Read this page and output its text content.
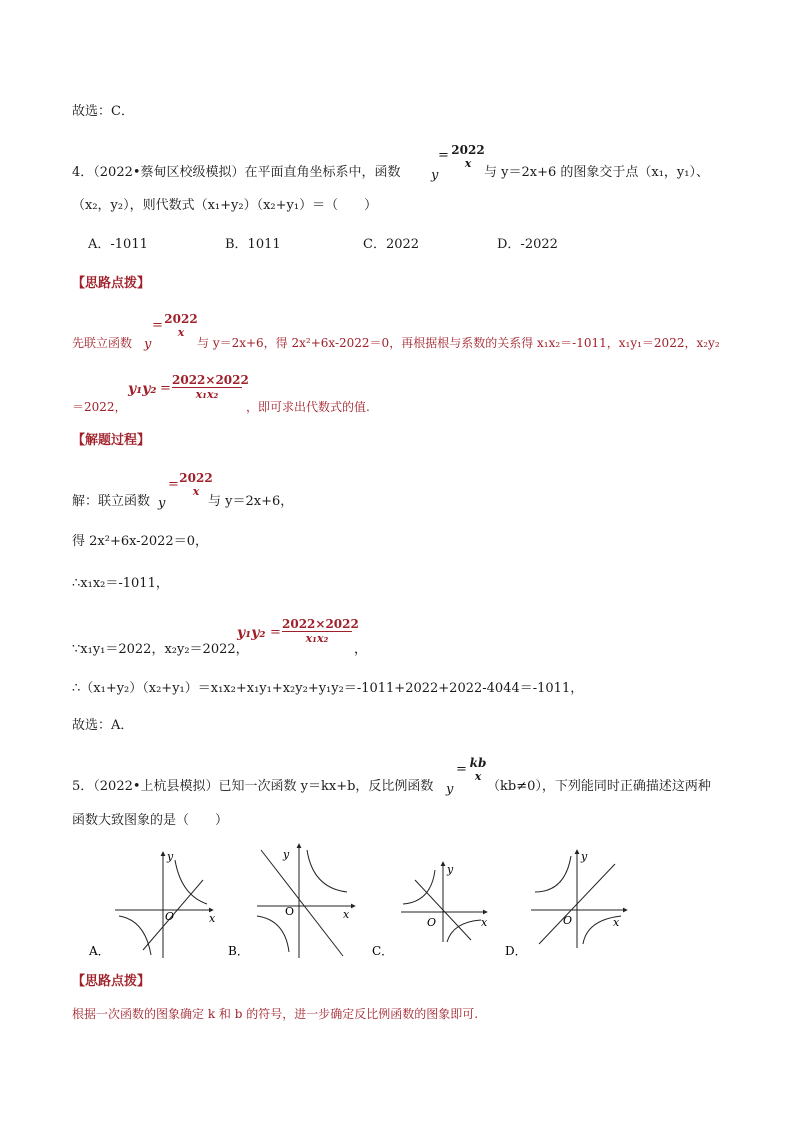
故选：C．
4．（2022•蔡甸区校级模拟）在平面直角坐标系中，函数
2022
x
=
y	与 y＝2x+6 的图象交于点（x₁，y₁）、
（x₂，y₂），则代数式（x₁+y₂）（x₂+y₁）＝（　　）
A．-1011	B．1011	C．2022	D．-2022
【思路点拨】
先联立函数
= 2022
x
y	与 y＝2x+6，得 2x²+6x-2022＝0，再根据根与系数的关系得 x₁x₂＝-1011，x₁y₁＝2022，x₂y₂
＝2022，
$y_1y_2 = \frac{2022\times 2022}{\text{x₁x₂}}$
，即可求出代数式的值.
【解题过程】
解：联立函数
= 2022
x
y	与 y＝2x+6，
得 2x²+6x-2022＝0，
∴x₁x₂＝-1011，
∵x₁y₁＝2022，x₂y₂＝2022，
$y_1y_2 = \frac{2022\times 2022}{\text{x₁x₂}}$
，
∴（x₁+y₂）（x₂+y₁）＝x₁x₂+x₁y₁+x₂y₂+y₁y₂＝-1011+2022+2022-4044＝-1011，
故选：A．
5．（2022•上杭县模拟）已知一次函数 y＝kx+b，反比例函数
= kb
x
y	（kb≠0），下列能同时正确描述这两种
函数大致图象的是（　　）
y
x
O
A．
y
x
O
B．
y
x
O
C．
y
x
O
D．
【思路点拨】
根据一次函数的图象确定 k 和 b 的符号，进一步确定反比例函数的图象即可.
